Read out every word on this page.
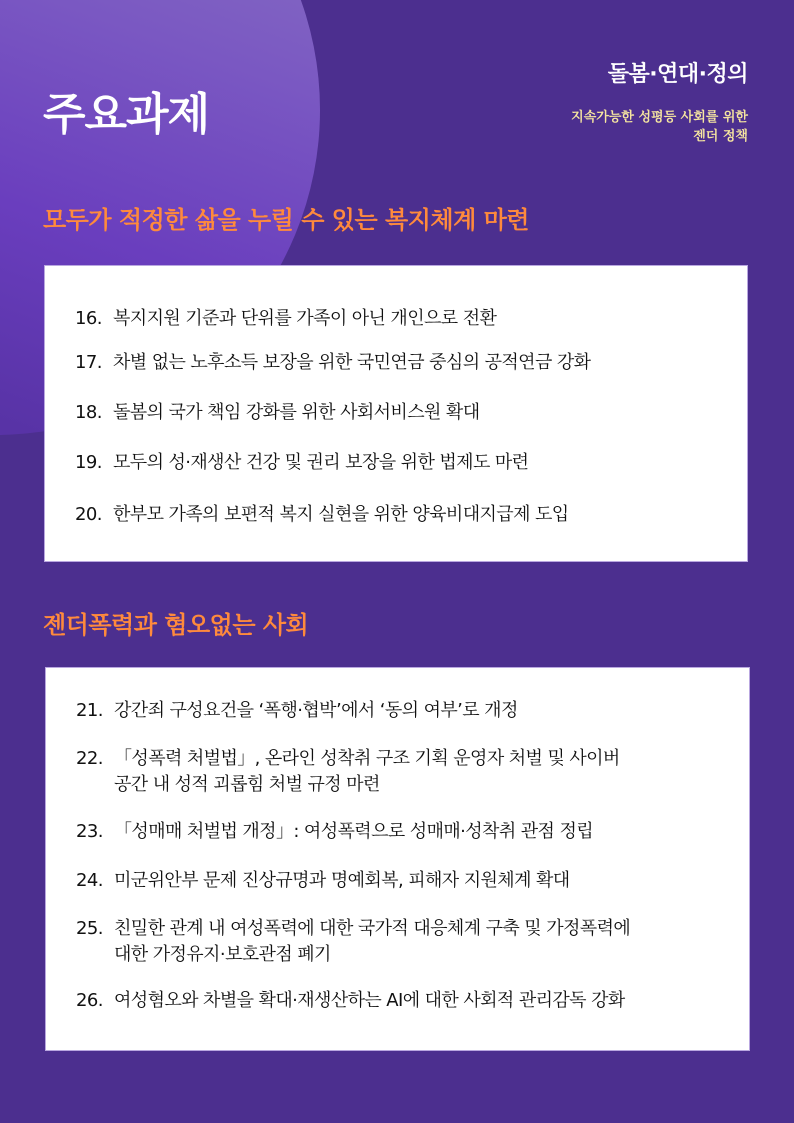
주요과제
돌봄·연대·정의
지속가능한 성평등 사회를 위한
젠더 정책
모두가 적정한 삶을 누릴 수 있는 복지체계 마련
16. 복지지원 기준과 단위를 가족이 아닌 개인으로 전환
17. 차별 없는 노후소득 보장을 위한 국민연금 중심의 공적연금 강화
18. 돌봄의 국가 책임 강화를 위한 사회서비스원 확대
19. 모두의 성·재생산 건강 및 권리 보장을 위한 법제도 마련
20. 한부모 가족의 보편적 복지 실현을 위한 양육비대지급제 도입
젠더폭력과 혐오없는 사회
21. 강간죄 구성요건을 ‘폭행·협박’에서 ‘동의 여부’로 개정
22. 「성폭력 처벌법」, 온라인 성착취 구조 기획 운영자 처벌 및 사이버
공간 내 성적 괴롭힘 처벌 규정 마련
23. 「성매매 처벌법 개정」: 여성폭력으로 성매매·성착취 관점 정립
24. 미군위안부 문제 진상규명과 명예회복, 피해자 지원체계 확대
25. 친밀한 관계 내 여성폭력에 대한 국가적 대응체계 구축 및 가정폭력에
대한 가정유지·보호관점 폐기
26. 여성혐오와 차별을 확대·재생산하는 AI에 대한 사회적 관리감독 강화
